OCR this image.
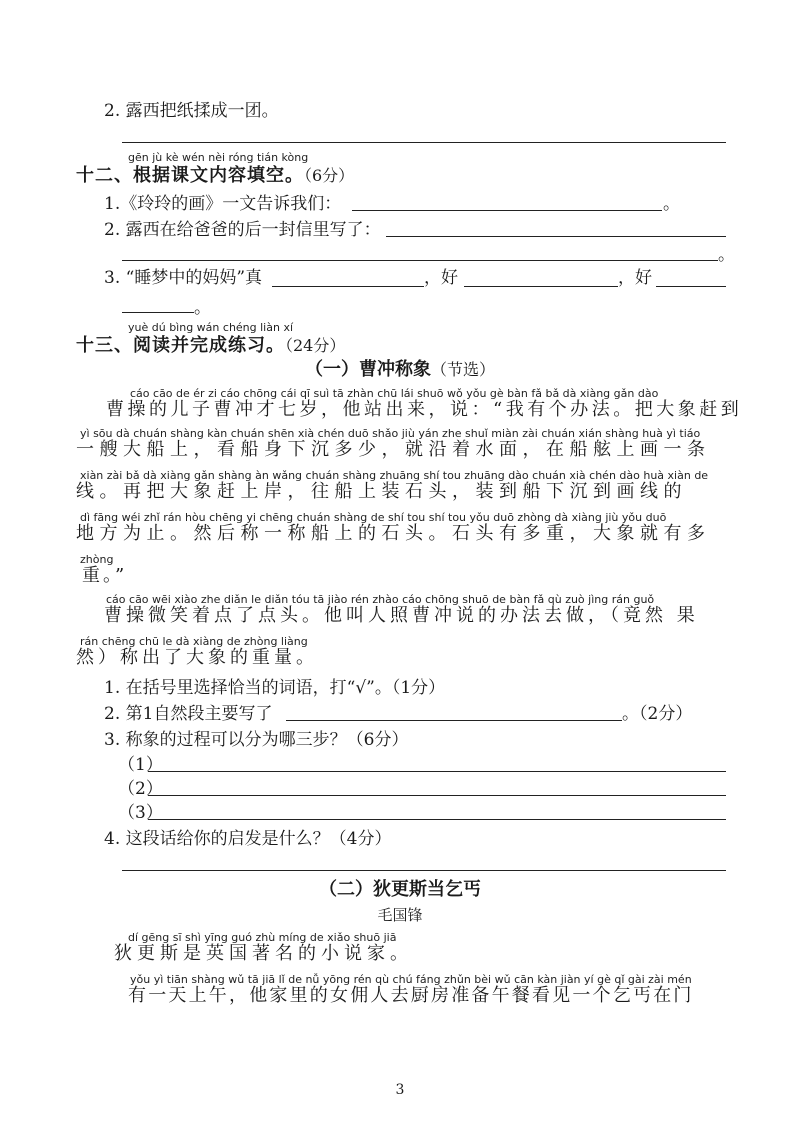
2. 露西把纸揉成一团。
gēn jù kè wén nèi róng tián kòng
十二、根据课文内容填空。（6分）
1.《玲玲的画》一文告诉我们：	。
2. 露西在给爸爸的后一封信里写了：
。
3. “睡梦中的妈妈”真	，好	，好
。
yuè dú bìng wán chéng liàn xí
十三、阅读并完成练习。（24分）
（一）曹冲称象（节选）
cáo cāo de ér zi cáo chōng cái qī suì tā zhàn chū lái shuō wǒ yǒu gè bàn fǎ bǎ dà xiàng gǎn dào
曹操的儿子曹冲才七岁，他站出来，说：“我有个办法。把大象赶到
yì sōu dà chuán shàng kàn chuán shēn xià chén duō shǎo jiù yán zhe shuǐ miàn zài chuán xián shàng huà yì tiáo
一艘大船上，看船身下沉多少，就沿着水面，在船舷上画一条
xiàn zài bǎ dà xiàng gǎn shàng àn wǎng chuán shàng zhuāng shí tou zhuāng dào chuán xià chén dào huà xiàn de
线。再把大象赶上岸，往船上装石头，装到船下沉到画线的
dì fāng wéi zhǐ rán hòu chēng yi chēng chuán shàng de shí tou shí tou yǒu duō zhòng dà xiàng jiù yǒu duō
地方为止。然后称一称船上的石头。石头有多重，大象就有多
zhòng
重。”
cáo cāo wēi xiào zhe diǎn le diǎn tóu tā jiào rén zhào cáo chōng shuō de bàn fǎ qù zuò jìng rán guǒ
曹操微笑着点了点头。他叫人照曹冲说的办法去做，（竟然 果
rán chēng chū le dà xiàng de zhòng liàng
然）称出了大象的重量。
1. 在括号里选择恰当的词语，打“√”。（1分）
2. 第1自然段主要写了	。（2分）
3. 称象的过程可以分为哪三步？（6分）
（1）
（2）
（3）
4. 这段话给你的启发是什么？（4分）
（二）狄更斯当乞丐
毛国锋
dí gēng sī shì yīng guó zhù míng de xiǎo shuō jiā
狄更斯是英国著名的小说家。
yǒu yì tiān shàng wǔ tā jiā lǐ de nǚ yōng rén qù chú fáng zhǔn bèi wǔ cān kàn jiàn yí gè qǐ gài zài mén
有一天上午，他家里的女佣人去厨房准备午餐看见一个乞丐在门
3
